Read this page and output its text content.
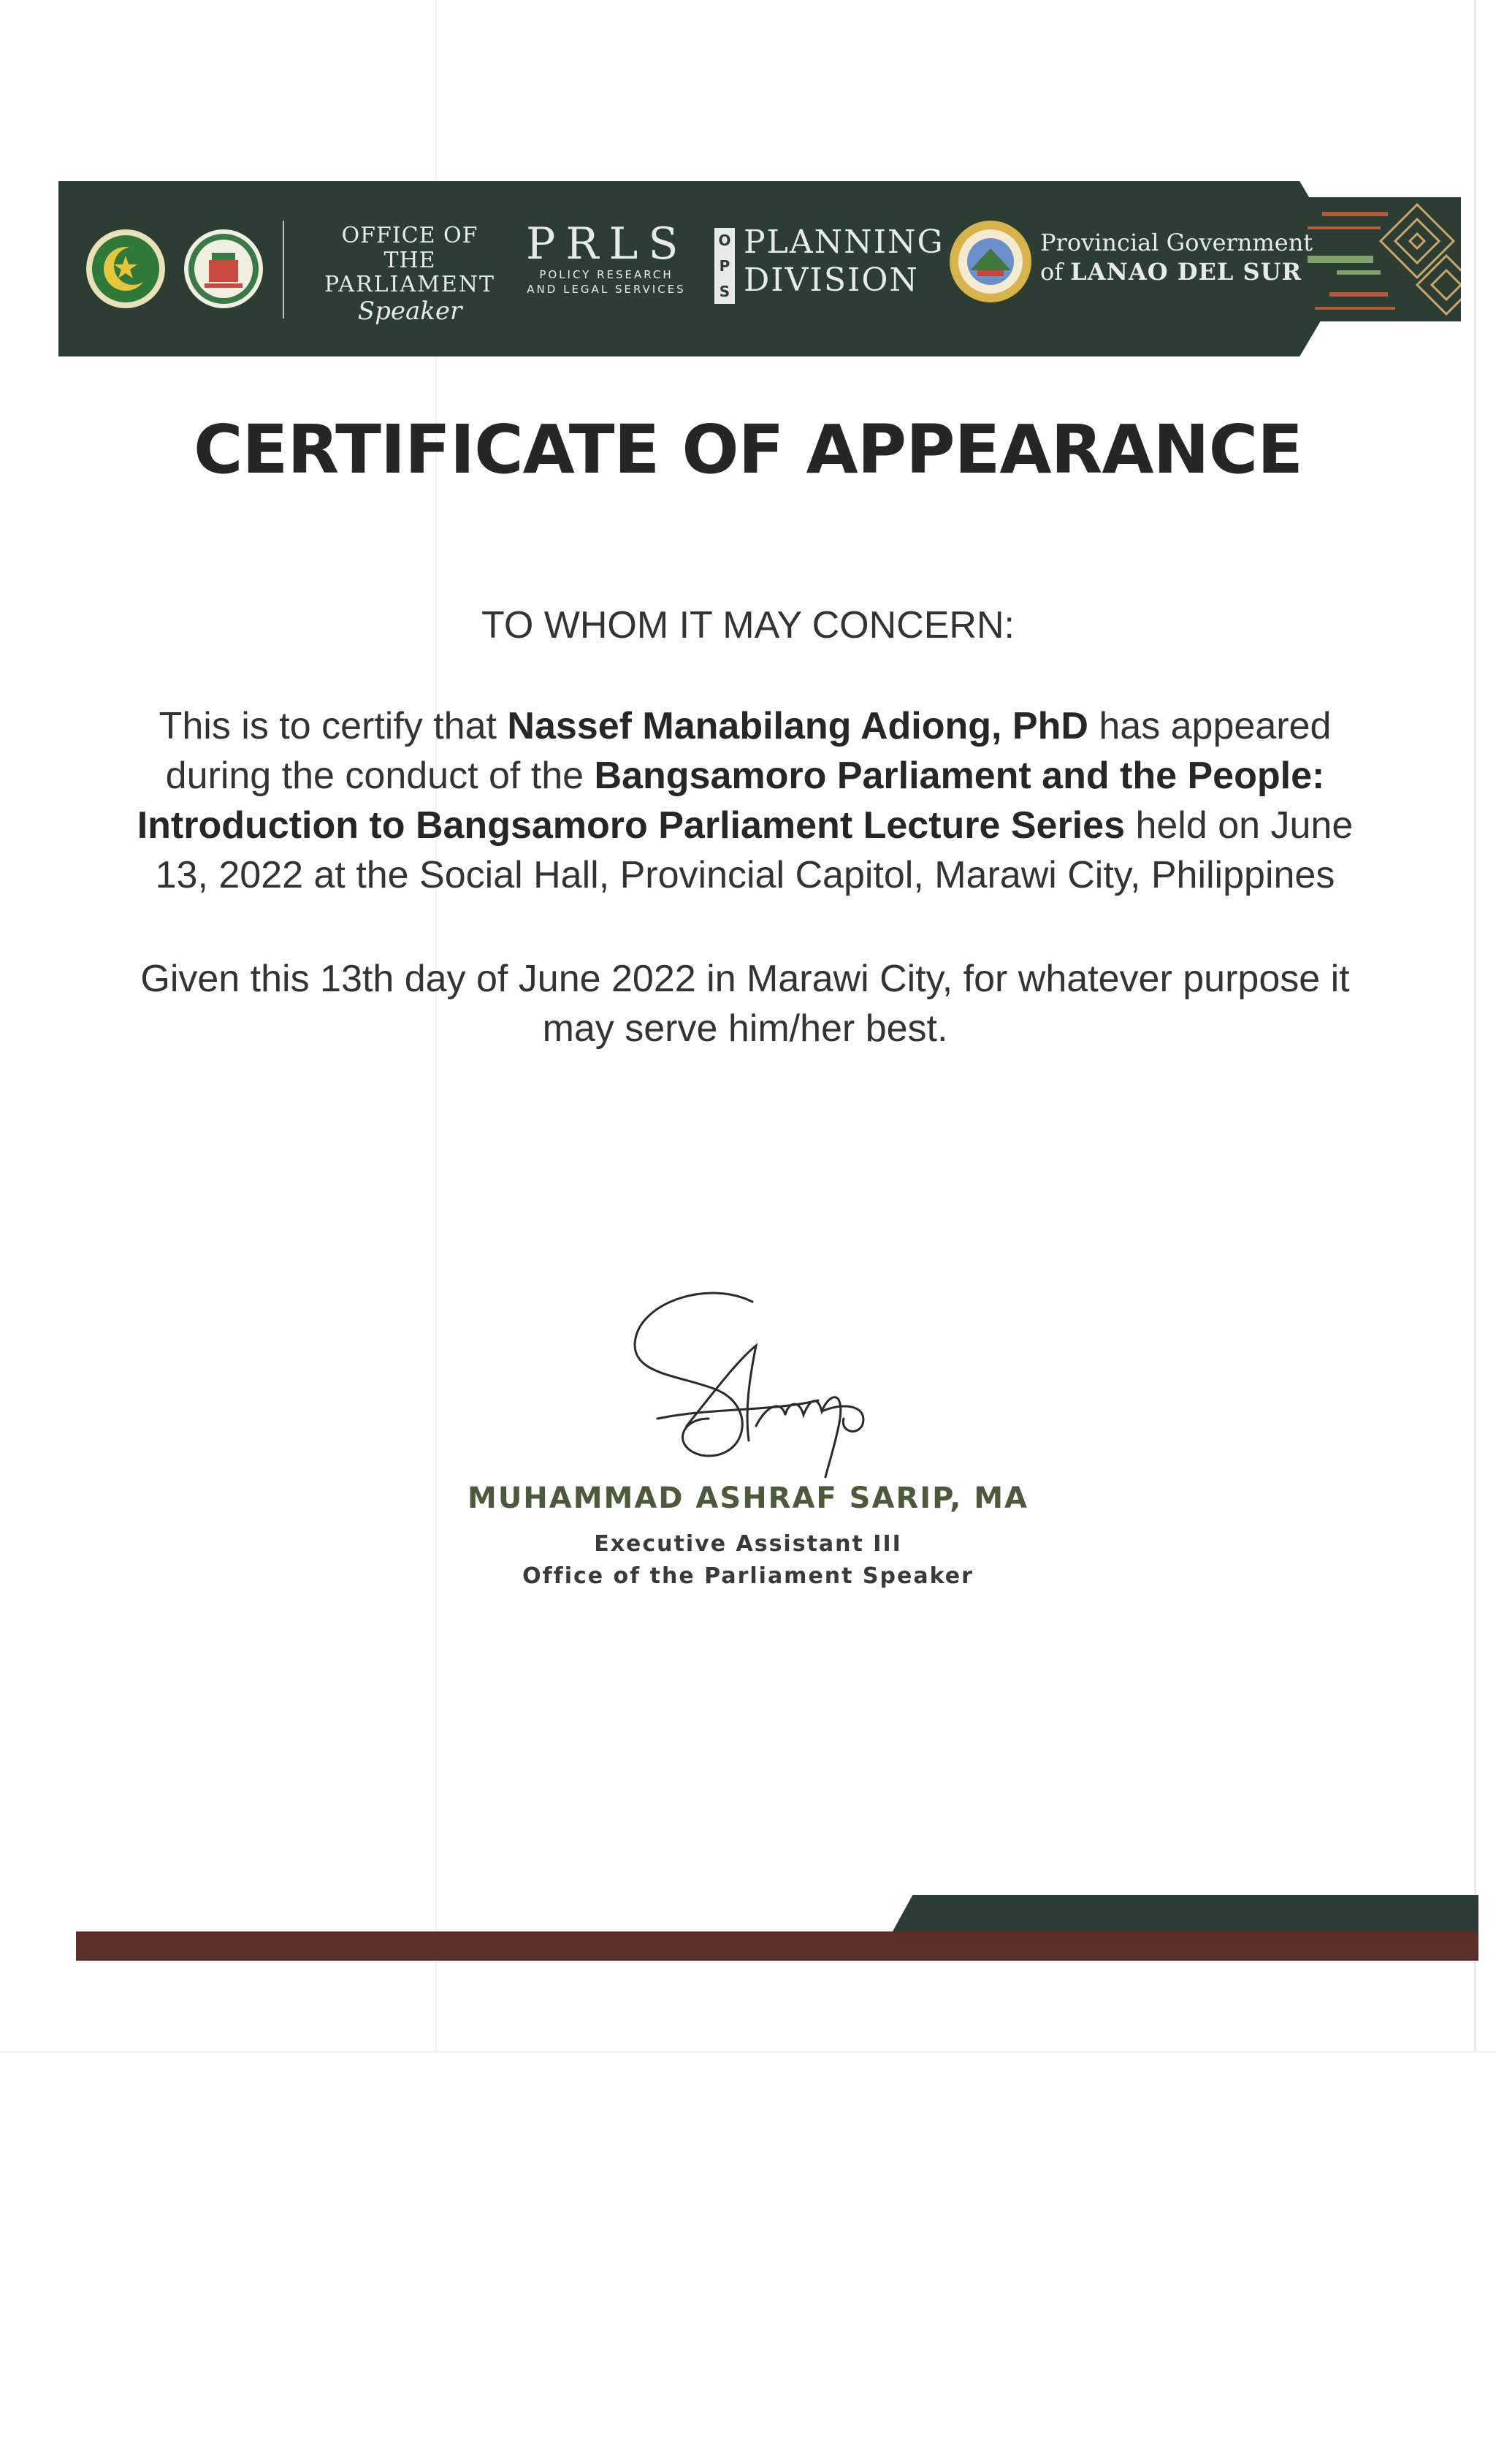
OFFICE OF THE
PARLIAMENT
Speaker
PRLS
POLICY RESEARCH
AND LEGAL SERVICES
O
P
S
PLANNING
DIVISION
Provincial Government
of LANAO DEL SUR
CERTIFICATE OF APPEARANCE
TO WHOM IT MAY CONCERN:
This is to certify that Nassef Manabilang Adiong, PhD has appeared during the conduct of the Bangsamoro Parliament and the People: Introduction to Bangsamoro Parliament Lecture Series held on June 13, 2022 at the Social Hall, Provincial Capitol, Marawi City, Philippines
Given this 13th day of June 2022 in Marawi City, for whatever purpose it may serve him/her best.
MUHAMMAD ASHRAF SARIP, MA
Executive Assistant III
Office of the Parliament Speaker
